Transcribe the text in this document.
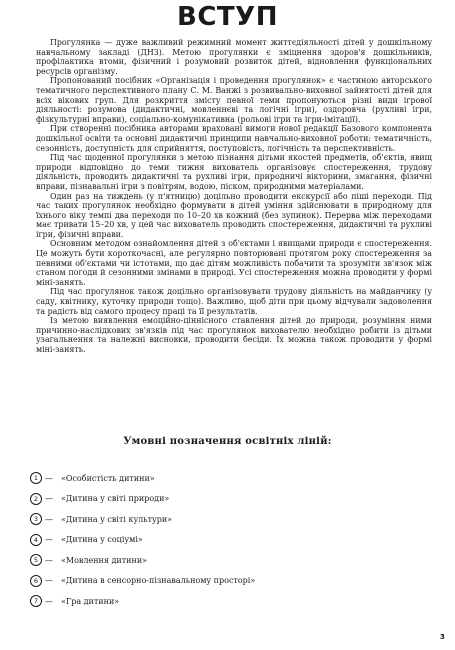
ВСТУП

Прогулянка — дуже важливий режимний момент життєдіяльності дітей у дошкільному навчальному закладі (ДНЗ). Метою прогулянки є зміцнення здоров'я дошкільників, профілактика втоми, фізичний і розумовий розвиток дітей, відновлення функціональних ресурсів організму.

Пропонований посібник «Організація і проведення прогулянок» є частиною авторського тематичного перспективного плану С. М. Ванжі з розвивально-виховної зайнятості дітей для всіх вікових груп. Для розкриття змісту певної теми пропонуються різні види ігрової діяльності: розумова (дидактичні, мовленнєві та логічні ігри), оздоровча (рухливі ігри, фізкультурні вправи), соціально-комунікативна (рольові ігри та ігри-імітації).

При створенні посібника авторами враховані вимоги нової редакції Базового компонента дошкільної освіти та основні дидактичні принципи навчально-виховної роботи: тематичність, сезонність, доступність для сприйняття, поступовість, логічність та перспективність.

Під час щоденної прогулянки з метою пізнання дітьми якостей предметів, об'єктів, явищ природи відповідно до теми тижня вихователь організовує спостереження, трудову діяльність, проводить дидактичні та рухливі ігри, природничі вікторини, змагання, фізичні вправи, пізнавальні ігри з повітрям, водою, піском, природними матеріалами.

Один раз на тиждень (у п'ятницю) доцільно проводити екскурсії або піші переходи. Під час таких прогулянок необхідно формувати в дітей уміння здійснювати в природному для їхнього віку темпі два переходи по 10–20 хв кожний (без зупинок). Перерва між переходами має тривати 15–20 хв, у цей час вихователь проводить спостереження, дидактичні та рухливі ігри, фізичні вправи.

Основним методом ознайомлення дітей з об'єктами і явищами природи є спостереження. Це можуть бути короткочасні, але регулярно повторювані протягом року спостереження за певними об'єктами чи істотами, що дає дітям можливість побачити та зрозуміти зв'язок між станом погоди й сезонними змінами в природі. Усі спостереження можна проводити у формі міні-занять.

Під час прогулянок також доцільно організовувати трудову діяльність на майданчику (у саду, квітнику, куточку природи тощо). Важливо, щоб діти при цьому відчували задоволення та радість від самого процесу праці та її результатів.

Із метою виявлення емоційно-ціннісного ставлення дітей до природи, розуміння ними причинно-наслідкових зв'язків під час прогулянок вихователю необхідно робити із дітьми узагальнення та належні висновки, проводити бесіди. Їх можна також проводити у формі міні-занять.

Умовні позначення освітніх ліній:
1 — «Особистість дитини»
2 — «Дитина у світі природи»
3 — «Дитина у світі культури»
4 — «Дитина у соціумі»
5 — «Мовлення дитини»
6 — «Дитина в сенсорно-пізнавальному просторі»
7 — «Гра дитини»
3
